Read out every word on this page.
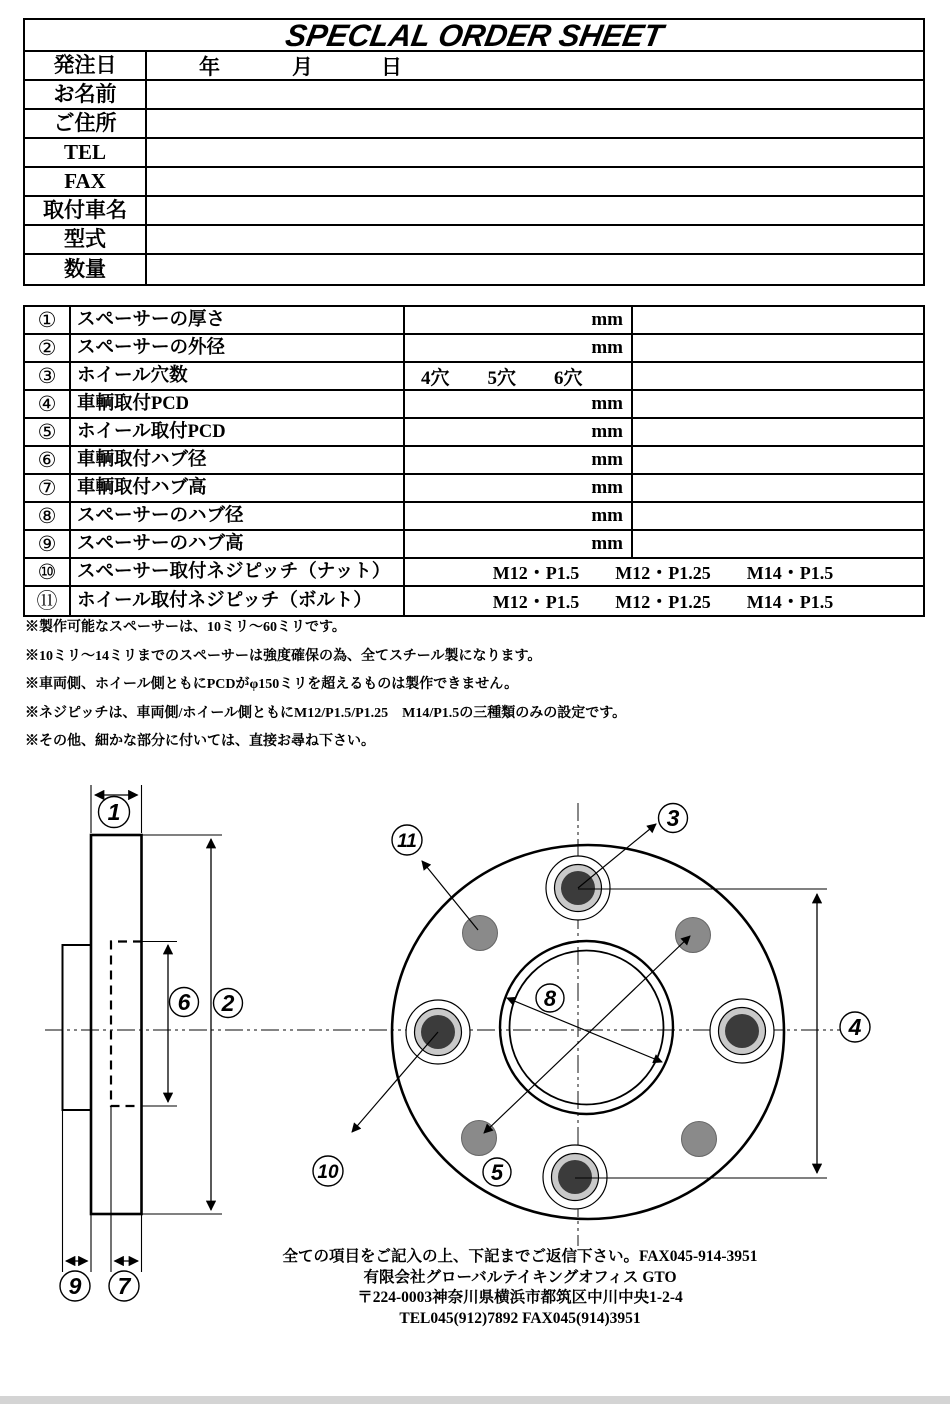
SPECLAL ORDER SHEET
発注日	年	月	日
お名前
ご住所
TEL
FAX
取付車名
型式
数量
①	スペーサーの厚さ	mm
②	スペーサーの外径	mm
③	ホイール穴数	4穴　　5穴　　6穴
④	車輌取付PCD	mm
⑤	ホイール取付PCD	mm
⑥	車輌取付ハブ径	mm
⑦	車輌取付ハブ高	mm
⑧	スペーサーのハブ径	mm
⑨	スペーサーのハブ高	mm
⑩	スペーサー取付ネジピッチ（ナット）	M12・P1.5　　M12・P1.25　　M14・P1.5
⑪	ホイール取付ネジピッチ（ボルト）	M12・P1.5　　M12・P1.25　　M14・P1.5

※製作可能なスペーサーは、10ミリ～60ミリです。

※10ミリ～14ミリまでのスペーサーは強度確保の為、全てスチール製になります。

※車両側、ホイール側ともにPCDがφ150ミリを超えるものは製作できません。

※ネジピッチは、車両側/ホイール側ともにM12/P1.5/P1.25　M14/P1.5の三種類のみの設定です。

※その他、細かな部分に付いては、直接お尋ね下さい。

1
2
6
9 7
3
11
8
5
10
4

全ての項目をご記入の上、下記までご返信下さい。FAX045-914-3951

有限会社グローバルテイキングオフィス GTO

〒224-0003神奈川県横浜市都筑区中川中央1-2-4

TEL045(912)7892 FAX045(914)3951
